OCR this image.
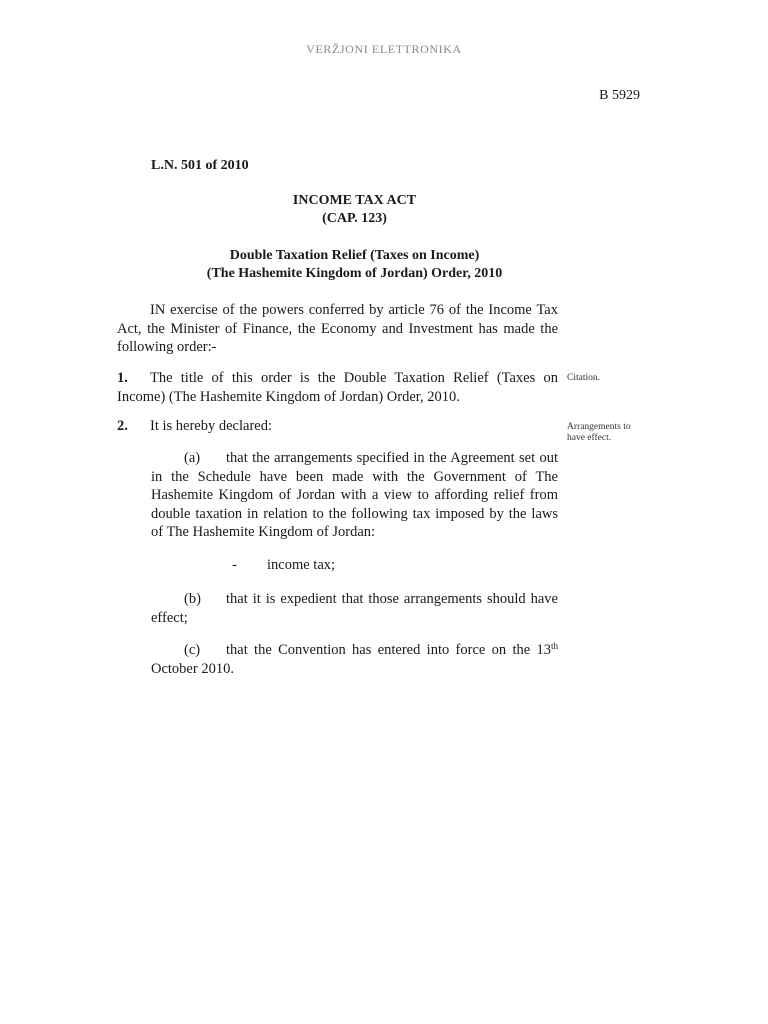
VERŽJONI ELETTRONIKA
B 5929
L.N. 501 of 2010
INCOME TAX ACT
(CAP. 123)
Double Taxation Relief (Taxes on Income)
(The Hashemite Kingdom of Jordan) Order, 2010
IN exercise of the powers conferred by article 76 of the Income Tax Act, the Minister of Finance, the Economy and Investment has made the following order:-
1. The title of this order is the Double Taxation Relief (Taxes on Income) (The Hashemite Kingdom of Jordan) Order, 2010.
Citation.
2. It is hereby declared:	Arrangements to have effect.
(a) that the arrangements specified in the Agreement set out in the Schedule have been made with the Government of The Hashemite Kingdom of Jordan with a view to affording relief from double taxation in relation to the following tax imposed by the laws of The Hashemite Kingdom of Jordan:
- income tax;
(b) that it is expedient that those arrangements should have effect;
(c) that the Convention has entered into force on the 13th October 2010.
